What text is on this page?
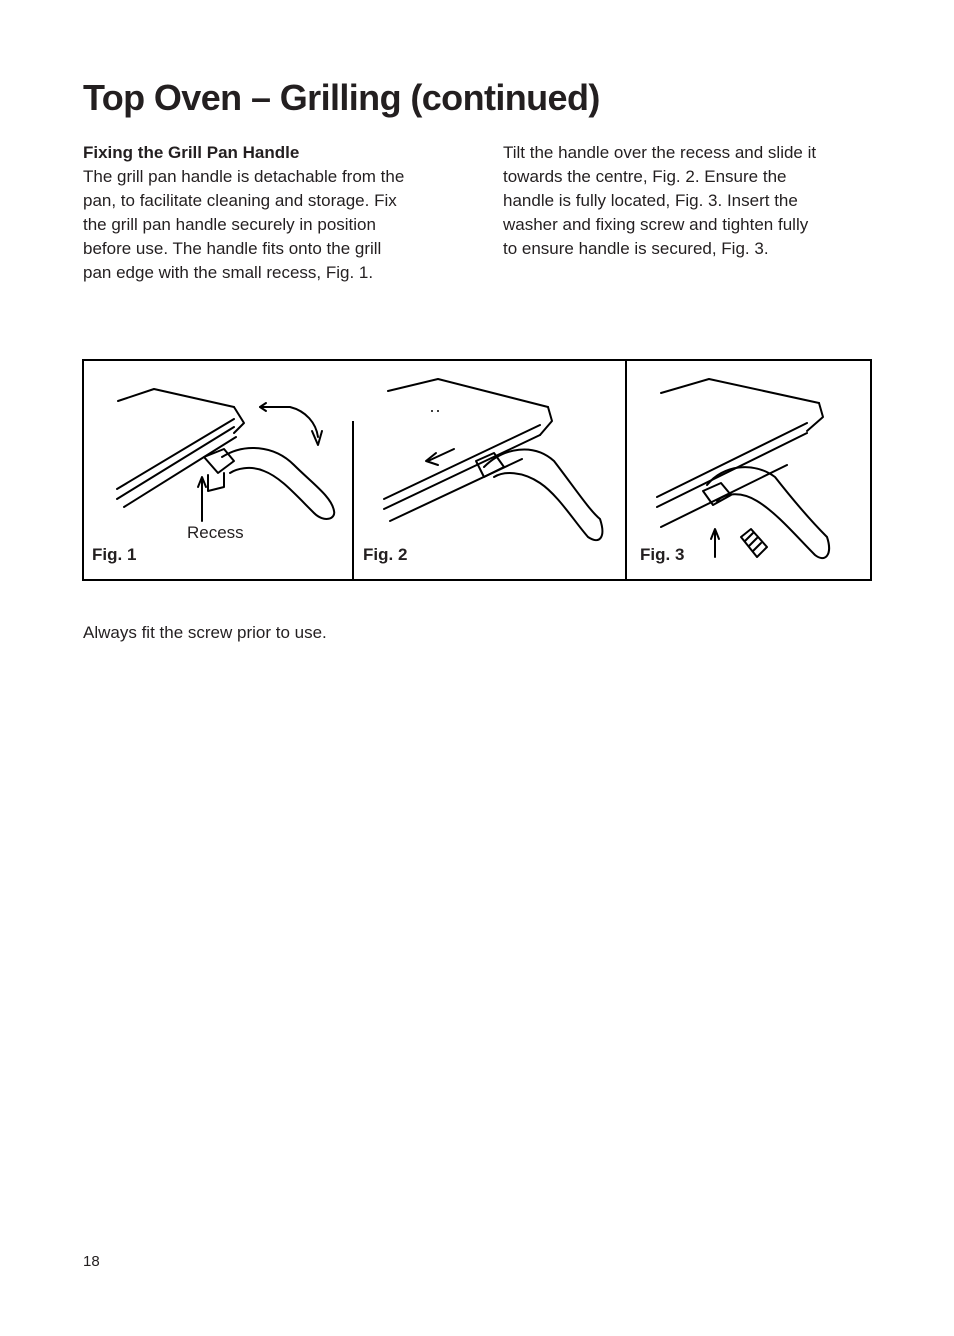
Top Oven – Grilling (continued)

Fixing the Grill Pan Handle

The grill pan handle is detachable from the pan, to facilitate cleaning and storage. Fix the grill pan handle securely in position before use. The handle fits onto the grill pan edge with the small recess, Fig. 1.

Tilt the handle over the recess and slide it towards the centre, Fig. 2. Ensure the handle is fully located, Fig. 3. Insert the washer and fixing screw and tighten fully to ensure handle is secured, Fig. 3.

Recess
Fig. 1	Fig. 2	Fig. 3

Always fit the screw prior to use.

18
